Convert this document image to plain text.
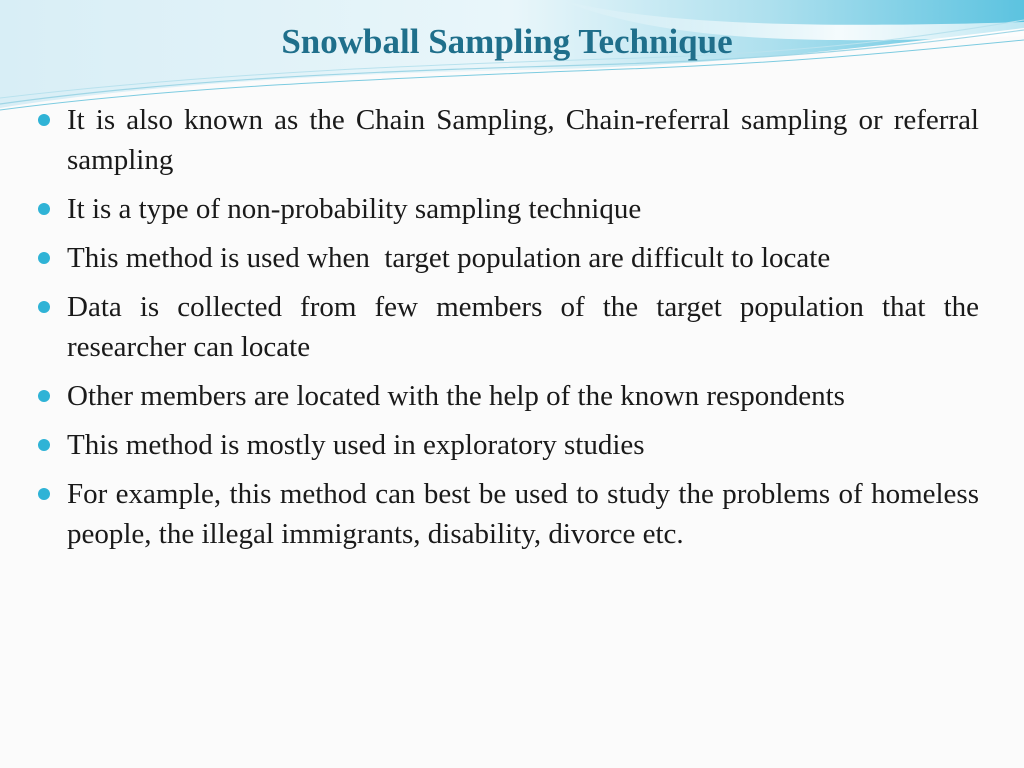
Snowball Sampling Technique
It is also known as the Chain Sampling, Chain-referral sampling or referral sampling
It is a type of non-probability sampling technique
This method is used when  target population are difficult to locate
Data is collected from few members of the target population that the researcher can locate
Other members are located with the help of the known respondents
This method is mostly used in exploratory studies
For example, this method can best be used to study the problems of homeless people, the illegal immigrants, disability, divorce etc.
